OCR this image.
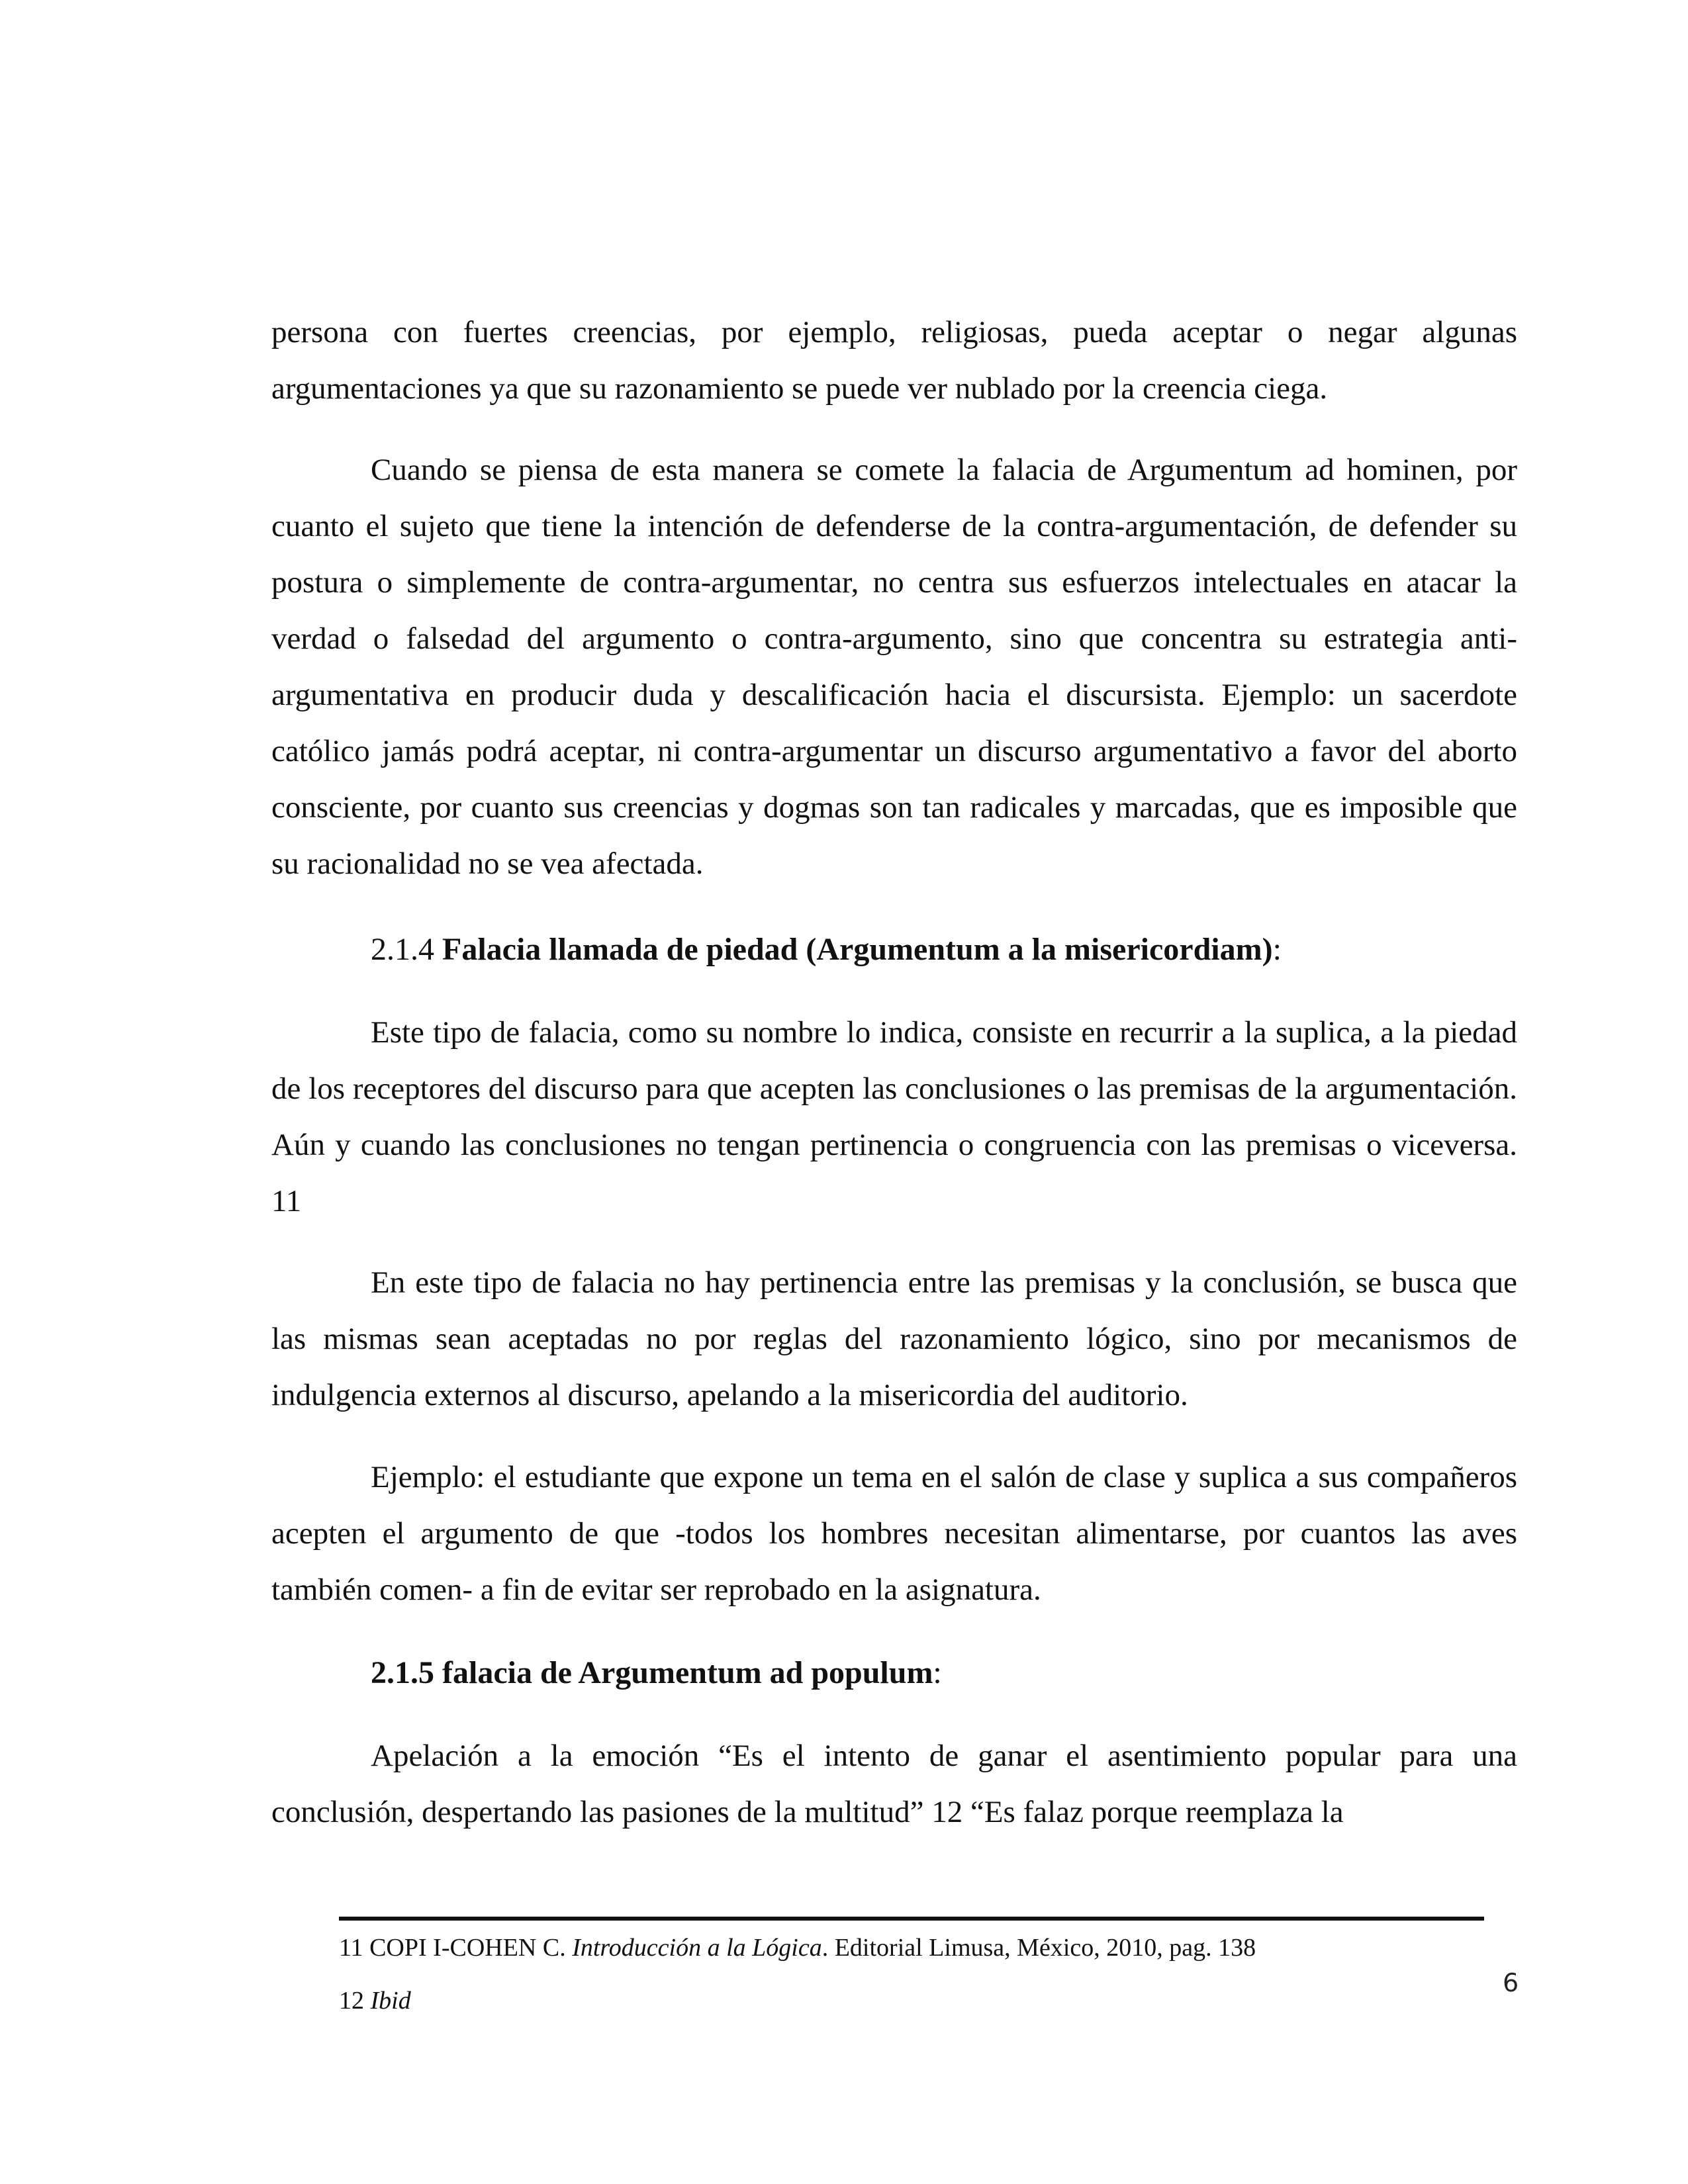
persona con fuertes creencias, por ejemplo, religiosas, pueda aceptar o negar algunas argumentaciones ya que su razonamiento se puede ver nublado por la creencia ciega.

Cuando se piensa de esta manera se comete la falacia de Argumentum ad hominen, por cuanto el sujeto que tiene la intención de defenderse de la contra-argumentación, de defender su postura o simplemente de contra-argumentar, no centra sus esfuerzos intelectuales en atacar la verdad o falsedad del argumento o contra-argumento, sino que concentra su estrategia anti-argumentativa en producir duda y descalificación hacia el discursista. Ejemplo: un sacerdote católico jamás podrá aceptar, ni contra-argumentar un discurso argumentativo a favor del aborto consciente, por cuanto sus creencias y dogmas son tan radicales y marcadas, que es imposible que su racionalidad no se vea afectada.

2.1.4 Falacia llamada de piedad (Argumentum a la misericordiam):

Este tipo de falacia, como su nombre lo indica, consiste en recurrir a la suplica, a la piedad de los receptores del discurso para que acepten las conclusiones o las premisas de la argumentación. Aún y cuando las conclusiones no tengan pertinencia o congruencia con las premisas o viceversa. 11

En este tipo de falacia no hay pertinencia entre las premisas y la conclusión, se busca que las mismas sean aceptadas no por reglas del razonamiento lógico, sino por mecanismos de indulgencia externos al discurso, apelando a la misericordia del auditorio.

Ejemplo: el estudiante que expone un tema en el salón de clase y suplica a sus compañeros acepten el argumento de que -todos los hombres necesitan alimentarse, por cuantos las aves también comen- a fin de evitar ser reprobado en la asignatura.

2.1.5 falacia de Argumentum ad populum:

Apelación a la emoción “Es el intento de ganar el asentimiento popular para una conclusión, despertando las pasiones de la multitud” 12 “Es falaz porque reemplaza la

11 COPI I-COHEN C. Introducción a la Lógica. Editorial Limusa, México, 2010, pag. 138

12 Ibid

6
